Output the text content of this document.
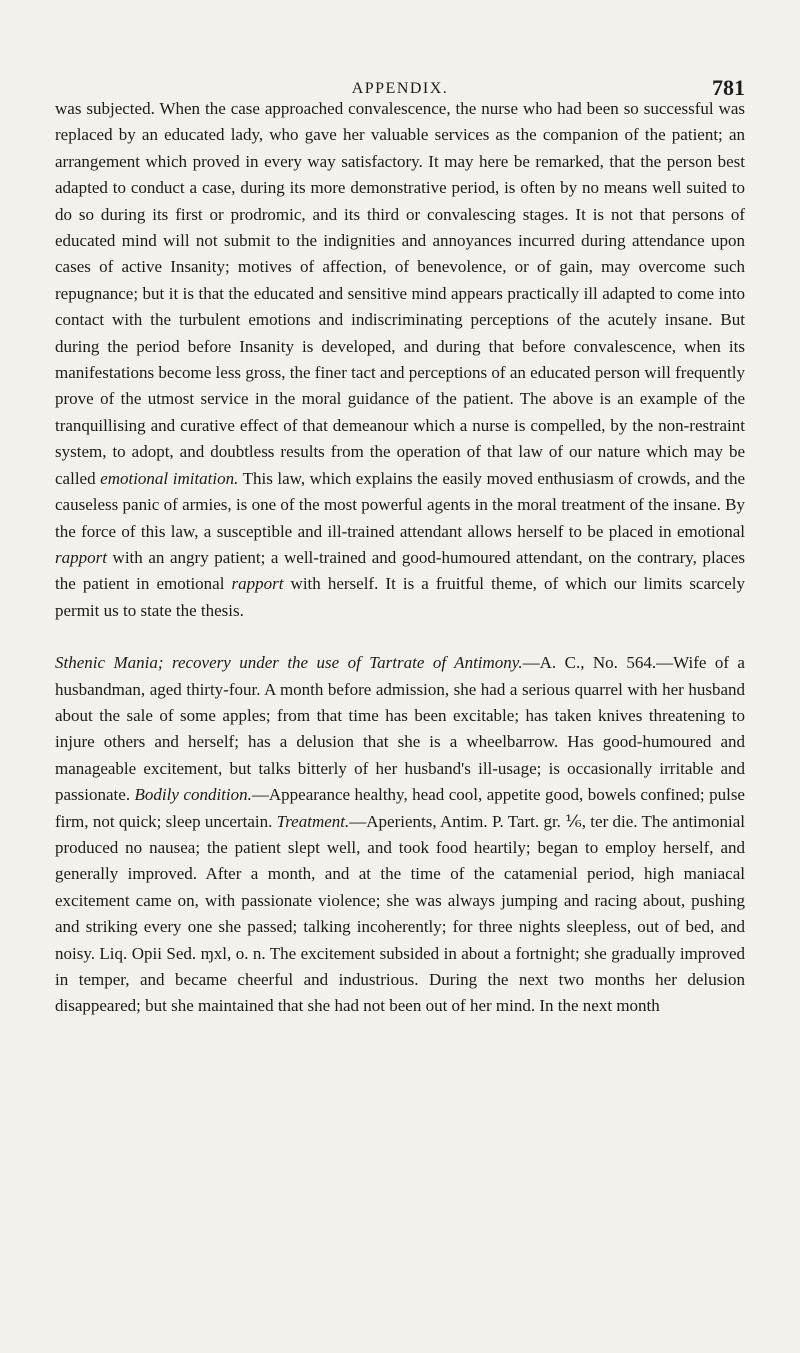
APPENDIX.	781

was subjected. When the case approached convalescence, the nurse who had been so successful was replaced by an educated lady, who gave her valuable services as the companion of the patient; an arrangement which proved in every way satisfactory. It may here be remarked, that the person best adapted to conduct a case, during its more demonstrative period, is often by no means well suited to do so during its first or prodromic, and its third or convalescing stages. It is not that persons of educated mind will not submit to the indignities and annoyances incurred during attendance upon cases of active Insanity; motives of affection, of benevolence, or of gain, may overcome such repugnance; but it is that the educated and sensitive mind appears practically ill adapted to come into contact with the turbulent emotions and indiscriminating perceptions of the acutely insane. But during the period before Insanity is developed, and during that before convalescence, when its manifestations become less gross, the finer tact and perceptions of an educated person will frequently prove of the utmost service in the moral guidance of the patient. The above is an example of the tranquillising and curative effect of that demeanour which a nurse is compelled, by the non-restraint system, to adopt, and doubtless results from the operation of that law of our nature which may be called emotional imitation. This law, which explains the easily moved enthusiasm of crowds, and the causeless panic of armies, is one of the most powerful agents in the moral treatment of the insane. By the force of this law, a susceptible and ill-trained attendant allows herself to be placed in emotional rapport with an angry patient; a well-trained and good-humoured attendant, on the contrary, places the patient in emotional rapport with herself. It is a fruitful theme, of which our limits scarcely permit us to state the thesis.

Sthenic Mania; recovery under the use of Tartrate of Antimony.—A. C., No. 564.—Wife of a husbandman, aged thirty-four. A month before admission, she had a serious quarrel with her husband about the sale of some apples; from that time has been excitable; has taken knives threatening to injure others and herself; has a delusion that she is a wheelbarrow. Has good-humoured and manageable excitement, but talks bitterly of her husband's ill-usage; is occasionally irritable and passionate. Bodily condition.—Appearance healthy, head cool, appetite good, bowels confined; pulse firm, not quick; sleep uncertain. Treatment.—Aperients, Antim. P. Tart. gr. ⅙, ter die. The antimonial produced no nausea; the patient slept well, and took food heartily; began to employ herself, and generally improved. After a month, and at the time of the catamenial period, high maniacal excitement came on, with passionate violence; she was always jumping and racing about, pushing and striking every one she passed; talking incoherently; for three nights sleepless, out of bed, and noisy. Liq. Opii Sed. ɱxl, o. n. The excitement subsided in about a fortnight; she gradually improved in temper, and became cheerful and industrious. During the next two months her delusion disappeared; but she maintained that she had not been out of her mind. In the next month
